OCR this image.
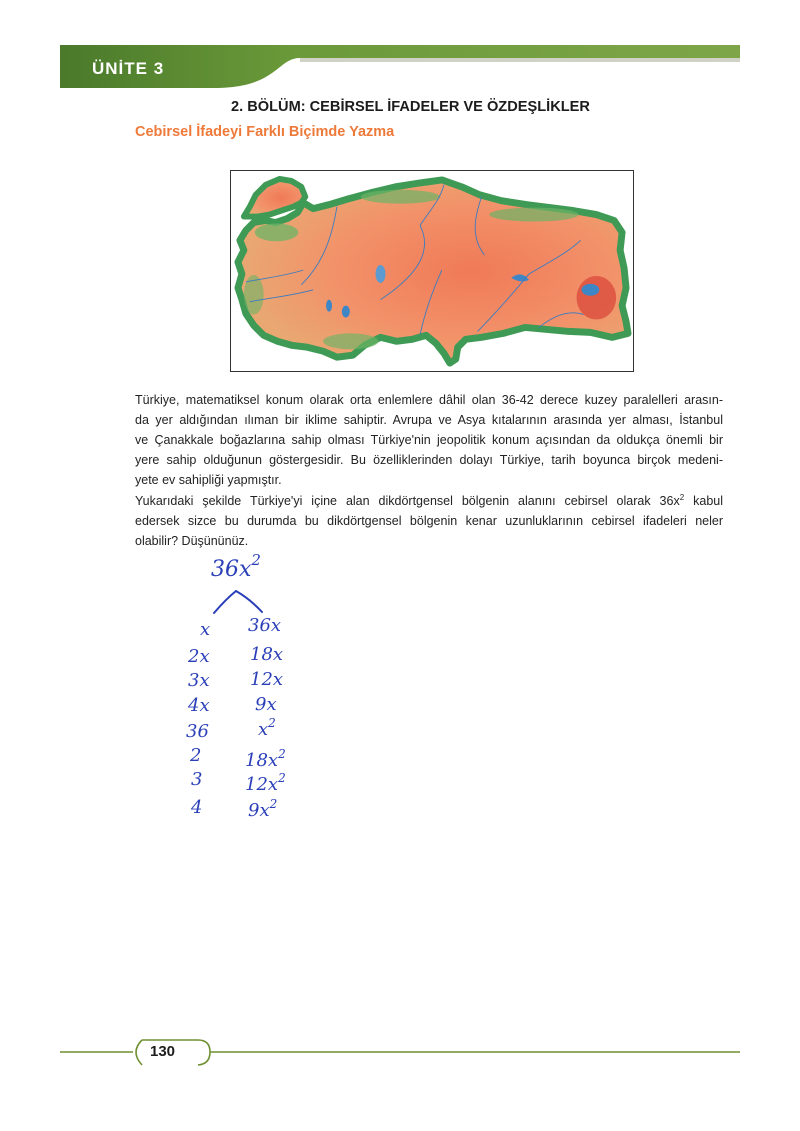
ÜNİTE 3
2. BÖLÜM: CEBİRSEL İFADELER VE ÖZDEŞLİKLER
Cebirsel İfadeyi Farklı Biçimde Yazma
Türkiye, matematiksel konum olarak orta enlemlere dâhil olan 36-42 derece kuzey paralelleri arasın-
da yer aldığından ılıman bir iklime sahiptir. Avrupa ve Asya kıtalarının arasında yer alması, İstanbul
ve Çanakkale boğazlarına sahip olması Türkiye'nin jeopolitik konum açısından da oldukça önemli bir
yere sahip olduğunun göstergesidir. Bu özelliklerinden dolayı Türkiye, tarih boyunca birçok medeni-
yete ev sahipliği yapmıştır.
Yukarıdaki şekilde Türkiye'yi içine alan dikdörtgensel bölgenin alanını cebirsel olarak $36x^2$ kabul
edersek sizce bu durumda bu dikdörtgensel bölgenin kenar uzunluklarının cebirsel ifadeleri neler
olabilir? Düşününüz.
$36x^2$
x
2x
3x
4x
36
2
3
4
36x
18x
12x
9x
$x^2$
$18x^2$
$12x^2$
$9x^2$
130
